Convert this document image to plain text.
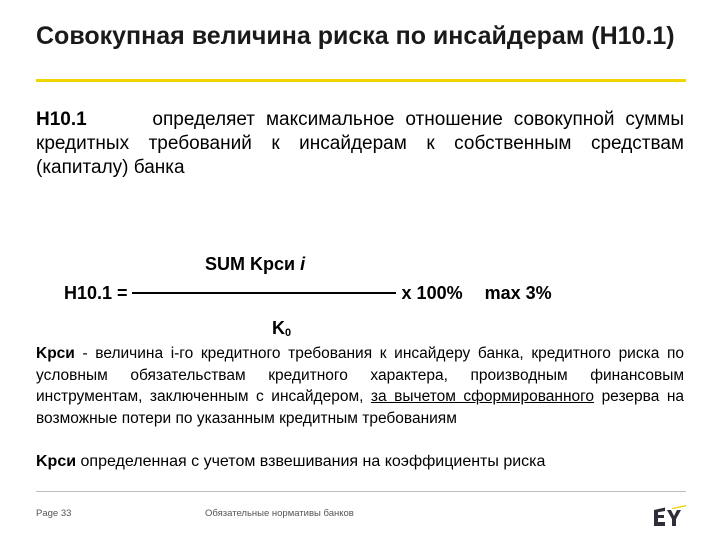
Совокупная величина риска по инсайдерам (Н10.1)
Н10.1	определяет максимальное отношение совокупной суммы кредитных требований к инсайдерам к собственным средствам (капиталу) банка
SUM Kрси i
Н10.1 =	х 100% max 3%
$K_0$
Kрси - величина i-го кредитного требования к инсайдеру банка, кредитного риска по условным обязательствам кредитного характера, производным финансовым инструментам, заключенным с инсайдером, за вычетом сформированного резерва на возможные потери по указанным кредитным требованиям
Kрси определенная с учетом взвешивания на коэффициенты риска
Page 33	Обязательные нормативы банков
